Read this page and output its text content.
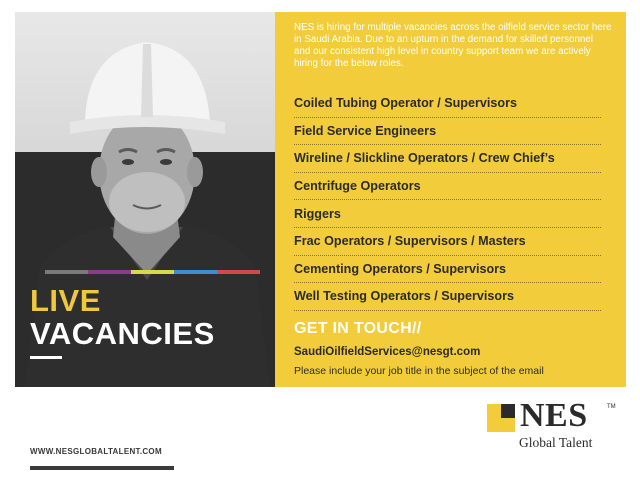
LIVE
VACANCIES
NES is hiring for multiple vacancies across the oilfield service sector here in Saudi Arabia. Due to an upturn in the demand for skilled personnel and our consistent high level in country support team we are actively hiring for the below roles.
Coiled Tubing Operator / Supervisors
Field Service Engineers
Wireline / Slickline Operators / Crew Chief’s
Centrifuge Operators
Riggers
Frac Operators / Supervisors / Masters
Cementing Operators / Supervisors
Well Testing Operators / Supervisors
GET IN TOUCH//
SaudiOilfieldServices@nesgt.com
Please include your job title in the subject of the email
WWW.NESGLOBALTALENT.COM
NES	TM
Global Talent
